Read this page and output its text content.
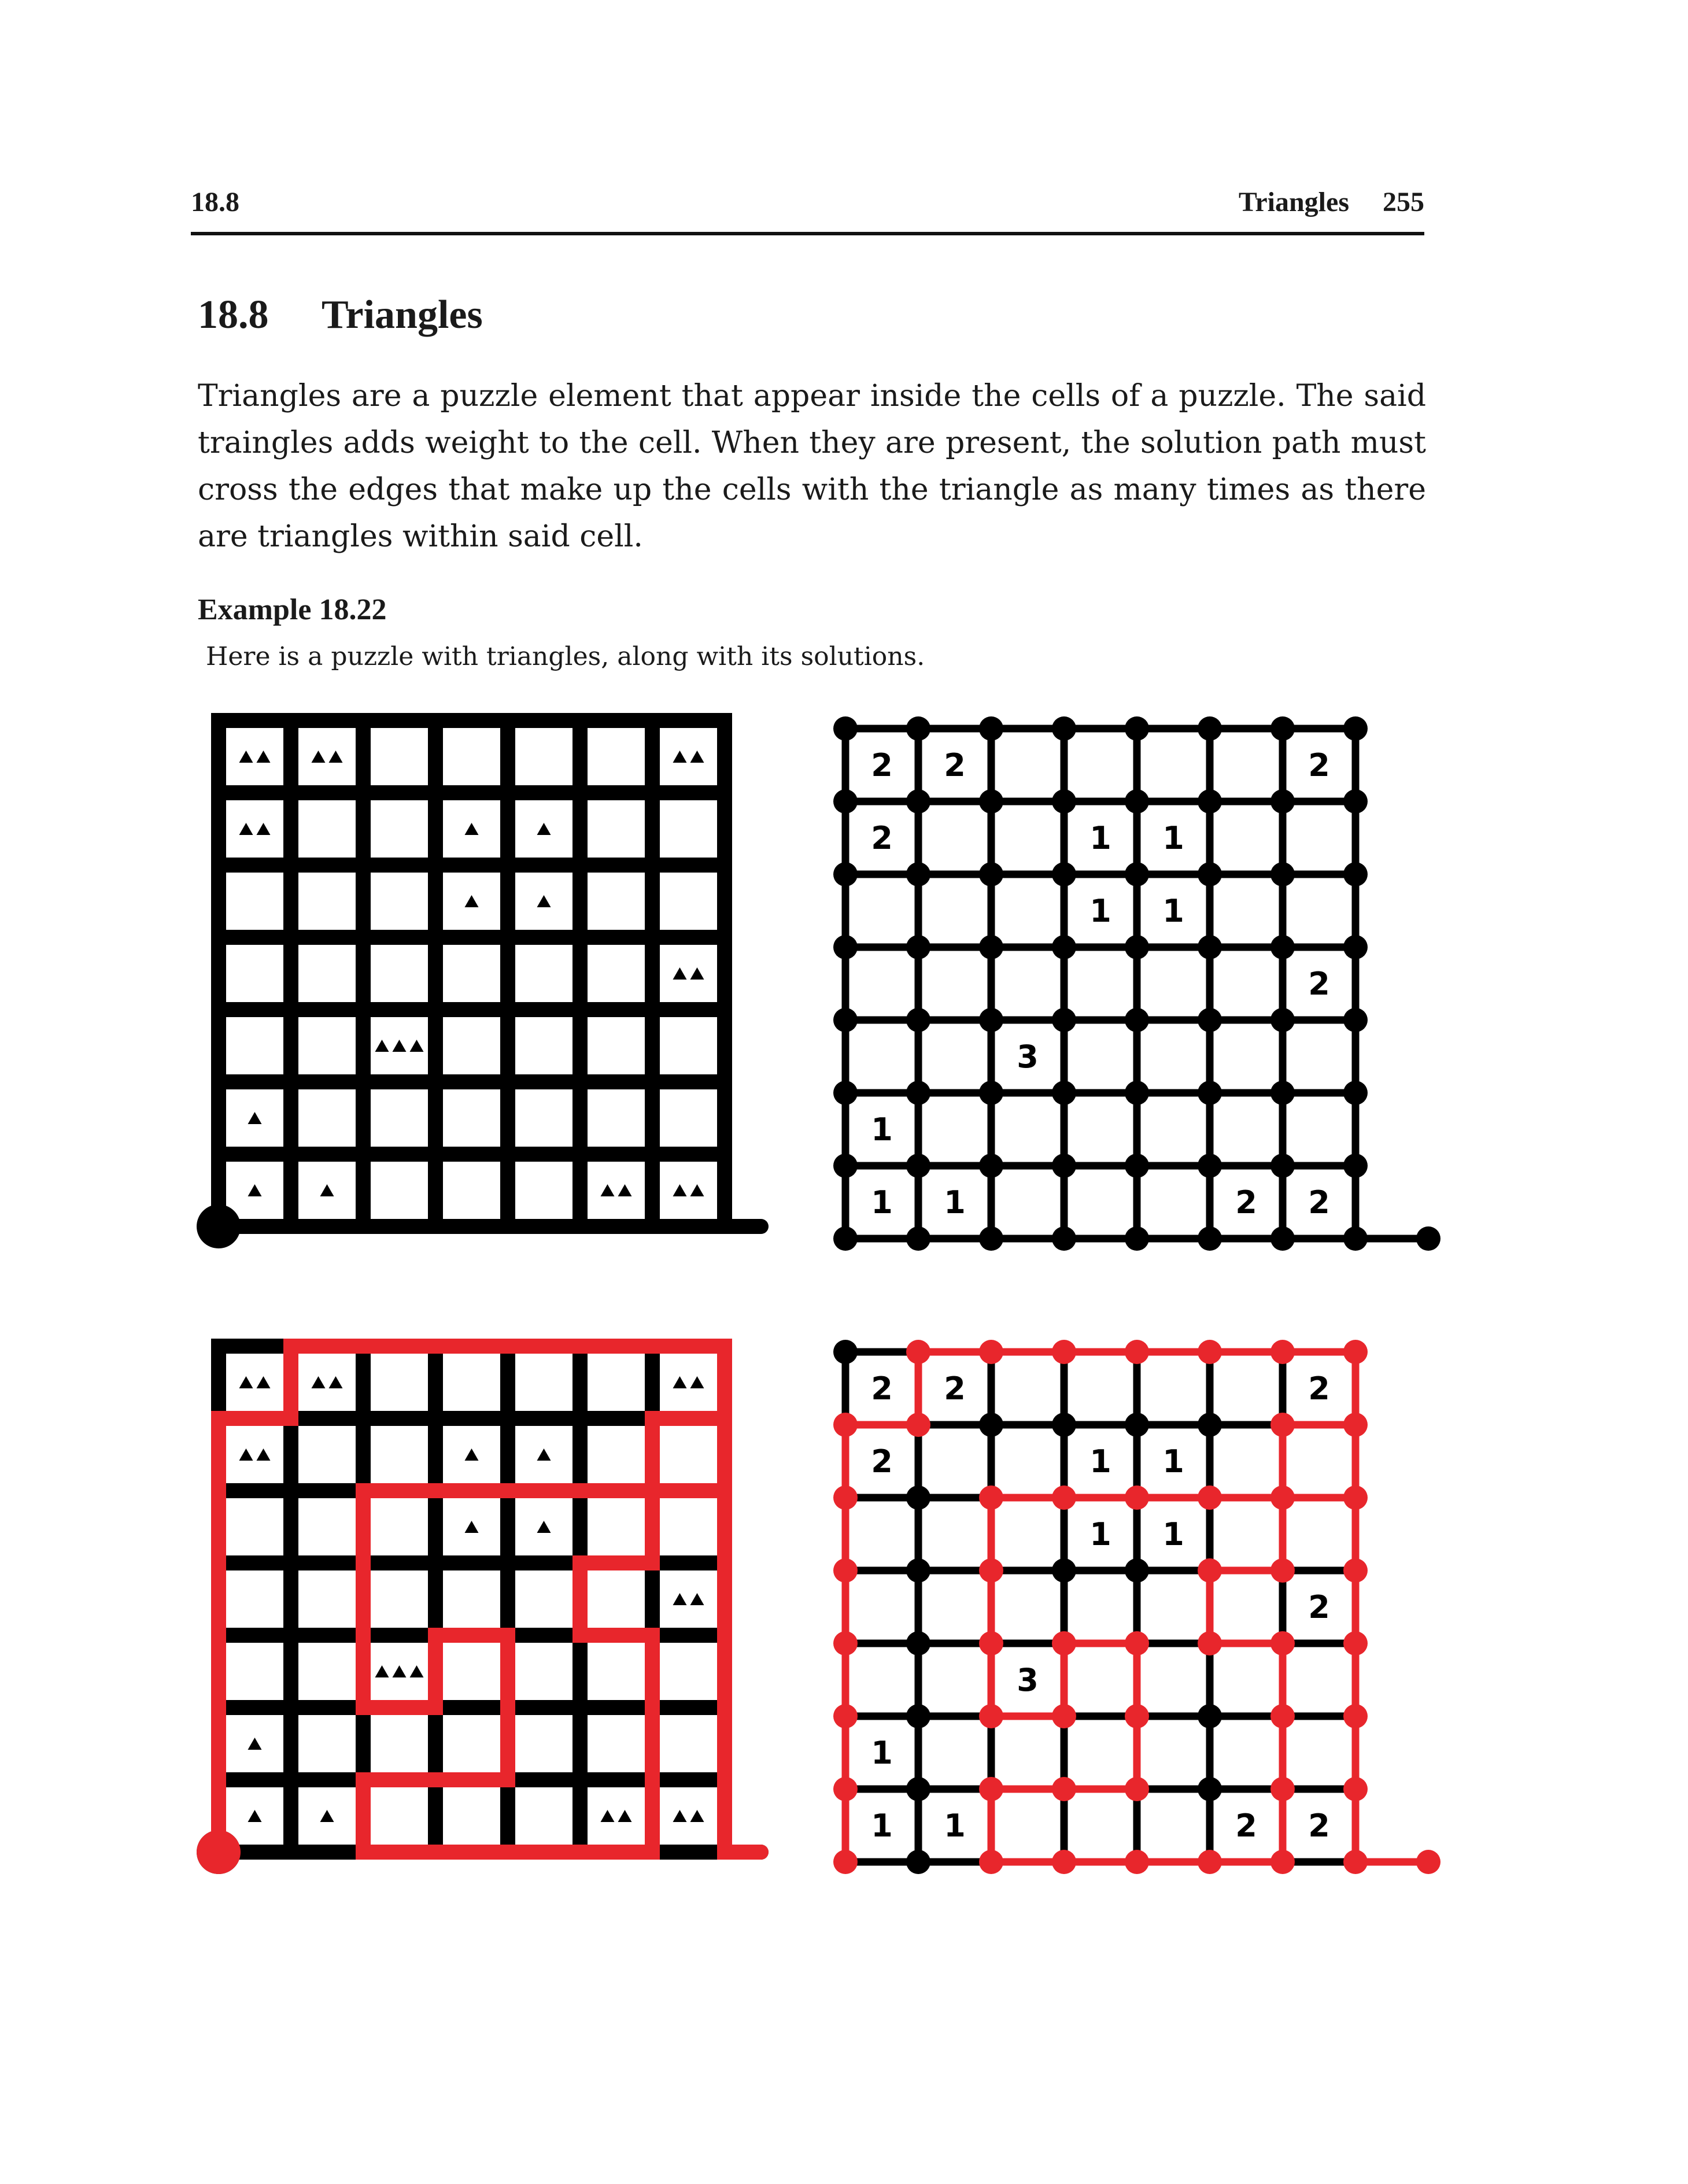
18.8	Triangles 255
18.8 Triangles
Triangles are a puzzle element that appear inside the cells of a puzzle. The said traingles adds weight to the cell. When they are present, the solution path must cross the edges that make up the cells with the triangle as many times as there are triangles within said cell.
Example 18.22
Here is a puzzle with triangles, along with its solutions.
2 2	2
2	1 1
1 1
2
3
1
1 1	2 2
2 2	2
2	1 1
1 1
2
3
1
1 1	2 2
